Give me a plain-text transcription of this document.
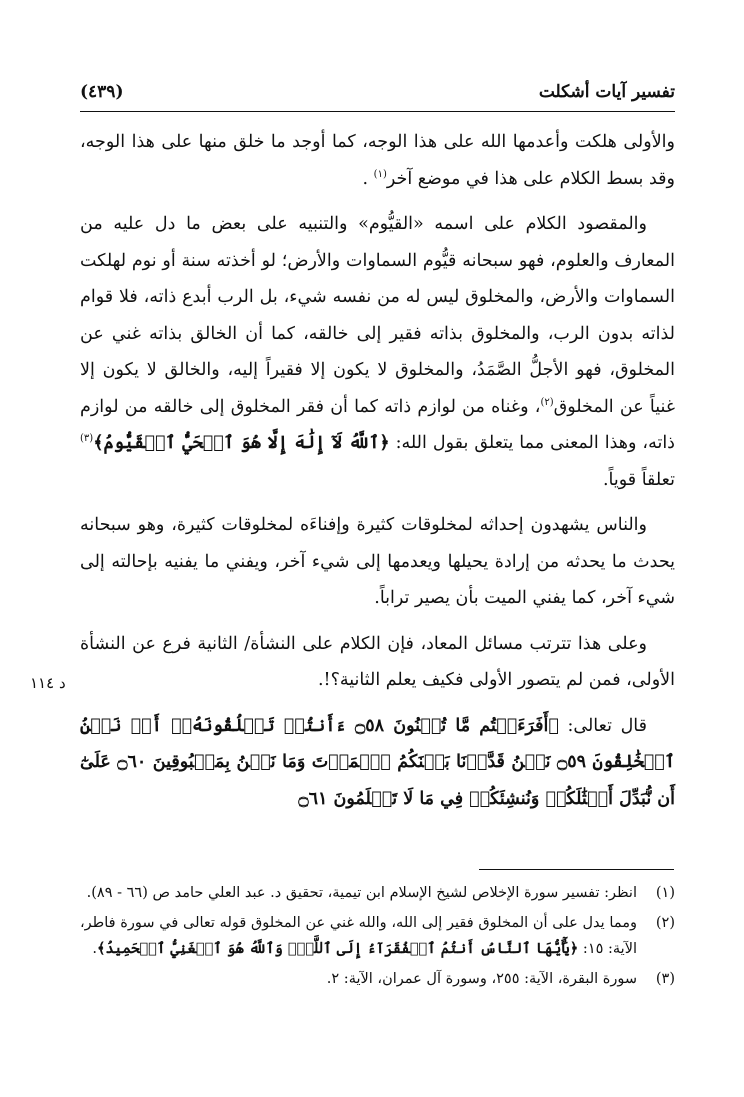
تفسير آيات أشكلت
(٤٣٩)

والأولى هلكت وأعدمها الله على هذا الوجه، كما أوجد ما خلق منها على هذا الوجه، وقد بسط الكلام على هذا في موضع آخر$^{(١)}$ .

والمقصود الكلام على اسمه «القيُّوم» والتنبيه على بعض ما دل عليه من المعارف والعلوم، فهو سبحانه قيُّوم السماوات والأرض؛ لو أخذته سنة أو نوم لهلكت السماوات والأرض، والمخلوق ليس له من نفسه شيء، بل الرب أبدع ذاته، فلا قوام لذاته بدون الرب، والمخلوق بذاته فقير إلى خالقه، كما أن الخالق بذاته غني عن المخلوق، فهو الأجلُّ الصَّمَدُ، والمخلوق لا يكون إلا فقيراً إليه، والخالق لا يكون إلا غنياً عن المخلوق$^{(٢)}$، وغناه من لوازم ذاته كما أن فقر المخلوق إلى خالقه من لوازم ذاته، وهذا المعنى مما يتعلق بقول الله: ﴿ٱللَّهُ لَآ إِلَٰهَ إِلَّا هُوَ ٱلۡحَيُّ ٱلۡقَيُّومُ﴾$^{(٣)}$ تعلقاً قوياً.

والناس يشهدون إحداثه لمخلوقات كثيرة وإفناءَه لمخلوقات كثيرة، وهو سبحانه يحدث ما يحدثه من إرادة يحيلها ويعدمها إلى شيء آخر، ويفني ما يفنيه بإحالته إلى شيء آخر، كما يفني الميت بأن يصير تراباً.

وعلى هذا تترتب مسائل المعاد، فإن الكلام على النشأة/ الثانية فرع عن النشأة الأولى، فمن لم يتصور الأولى فكيف يعلم الثانية؟!.

قال تعالى: ﴿أَفَرَءَيۡتُم مَّا تُمۡنُونَ ۝٥٨ ءَأَنتُمۡ تَخۡلُقُونَهُۥٓ أَمۡ نَحۡنُ ٱلۡخَٰلِقُونَ ۝٥٩ نَحۡنُ قَدَّرۡنَا بَيۡنَكُمُ ٱلۡمَوۡتَ وَمَا نَحۡنُ بِمَسۡبُوقِينَ ۝٦٠ عَلَىٰٓ أَن نُّبَدِّلَ أَمۡثَٰلَكُمۡ وَنُنشِئَكُمۡ فِي مَا لَا تَعۡلَمُونَ ۝٦١

د ١١٤
(١)
انظر: تفسير سورة الإخلاص لشيخ الإسلام ابن تيمية، تحقيق د. عبد العلي حامد ص (٦٦ - ٨٩).
(٢)
ومما يدل على أن المخلوق فقير إلى الله، والله غني عن المخلوق قوله تعالى في سورة فاطر، الآية: ١٥: ﴿يَٰٓأَيُّهَا ٱلنَّاسُ أَنتُمُ ٱلۡفُقَرَآءُ إِلَى ٱللَّهِۖ وَٱللَّهُ هُوَ ٱلۡغَنِيُّ ٱلۡحَمِيدُ﴾.
(٣)
سورة البقرة، الآية: ٢٥٥، وسورة آل عمران، الآية: ٢.
